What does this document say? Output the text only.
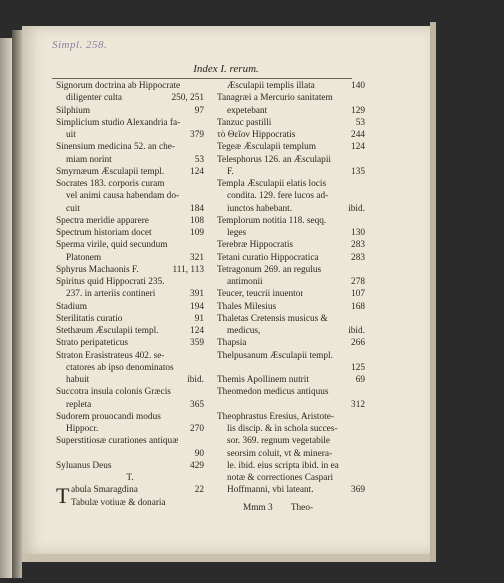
Simpl. 258.
Index I. rerum.
Signorum doctrina ab Hippocrate
diligenter culta	250, 251
Silphium	97
Simplicium studio Alexandria fa-
uit	379
Sinensium medicina 52. an che-
miam norint	53
Smyrnæum Æsculapii templ.	124
Socrates 183. corporis curam
vel animi causa habendam do-
cuit	184
Spectra meridie apparere	108
Spectrum historiam docet	109
Sperma virile, quid secundum
Platonem	321
Sphyrus Machaonis F.	111, 113
Spiritus quid Hippocrati 235.
237. in arteriis contineri	391
Stadium	194
Sterilitatis curatio	91
Stethæum Æsculapii templ.	124
Strato peripateticus	359
Straton Erasistrateus 402. se-
ctatores ab ipso denominatos
habuit	ibid.
Succotra insula colonis Græcis
repleta	365
Sudorem prouocandi modus
Hippocr.	270
Superstitiosæ curationes antiquæ
90
Syluanus Deus	429
T.
T abula Smaragdina	22
Tabulæ votiuæ & donaria
Æsculapii templis illata	140
Tanagræi a Mercurio sanitatem
expetebant	129
Tanzuc pastilli	53
τὸ Θεῖον Hippocratis	244
Tegeæ Æsculapii templum	124
Telesphorus 126. an Æsculapii
F.	135
Templa Æsculapii elatis locis
condita. 129. fere lucos ad-
iunctos habebant.	ibid.
Templorum notitia 118. seqq.
leges	130
Terebræ Hippocratis	283
Tetani curatio Hippocratica	283
Tetragonum 269. an regulus
antimonii	278
Teucer, teucrii inuentor	107
Thales Milesius	168
Thaletas Cretensis musicus &
medicus,	ibid.
Thapsia	266
Thelpusanum Æsculapii templ.
125
Themis Apollinem nutrit	69
Theomedon medicus antiquus
312
Theophrastus Eresius, Aristote-
lis discip. & in schola succes-
sor. 369. regnum vegetabile
seorsim coluit, vt & minera-
le. ibid. eius scripta ibid. in ea
notæ & correctiones Caspari
Hoffmanni, vbi lateant.	369
Mmm 3 Theo-
